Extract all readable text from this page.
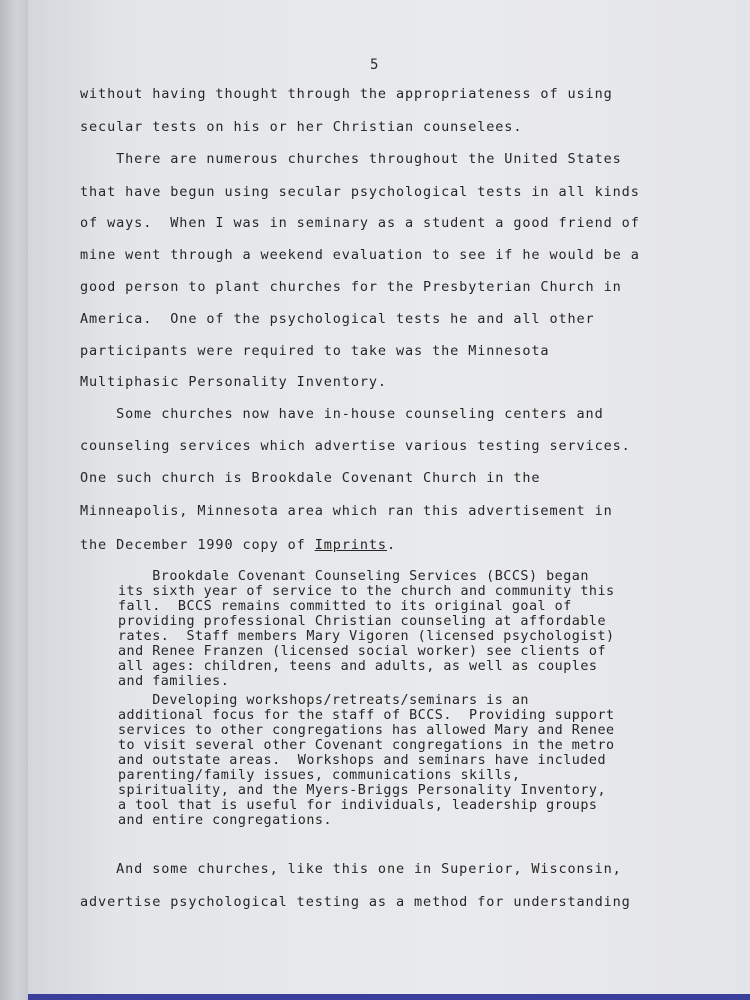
5
without having thought through the appropriateness of using
secular tests on his or her Christian counselees.
There are numerous churches throughout the United States
that have begun using secular psychological tests in all kinds
of ways.  When I was in seminary as a student a good friend of
mine went through a weekend evaluation to see if he would be a
good person to plant churches for the Presbyterian Church in
America.  One of the psychological tests he and all other
participants were required to take was the Minnesota
Multiphasic Personality Inventory.
Some churches now have in-house counseling centers and
counseling services which advertise various testing services.
One such church is Brookdale Covenant Church in the
Minneapolis, Minnesota area which ran this advertisement in
the December 1990 copy of Imprints.
Brookdale Covenant Counseling Services (BCCS) began
its sixth year of service to the church and community this
fall.  BCCS remains committed to its original goal of
providing professional Christian counseling at affordable
rates.  Staff members Mary Vigoren (licensed psychologist)
and Renee Franzen (licensed social worker) see clients of
all ages: children, teens and adults, as well as couples
and families.
Developing workshops/retreats/seminars is an
additional focus for the staff of BCCS.  Providing support
services to other congregations has allowed Mary and Renee
to visit several other Covenant congregations in the metro
and outstate areas.  Workshops and seminars have included
parenting/family issues, communications skills,
spirituality, and the Myers-Briggs Personality Inventory,
a tool that is useful for individuals, leadership groups
and entire congregations.
And some churches, like this one in Superior, Wisconsin,
advertise psychological testing as a method for understanding
